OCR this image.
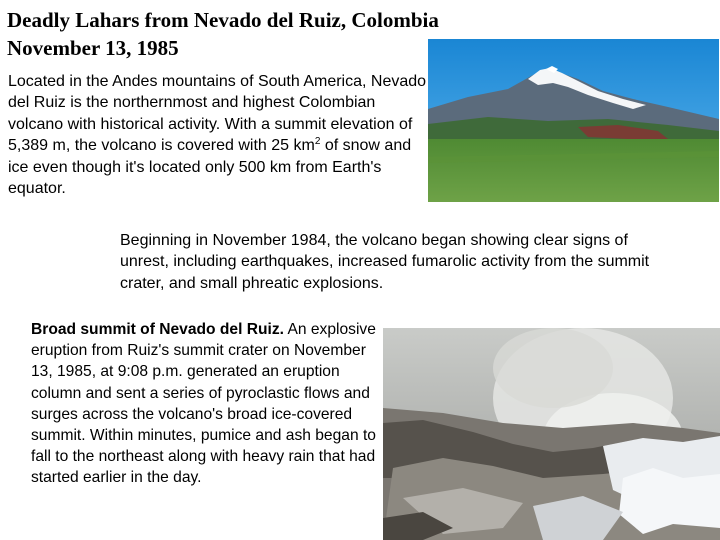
Deadly Lahars from Nevado del Ruiz, Colombia
November 13, 1985

Located in the Andes mountains of South America, Nevado del Ruiz is the northernmost and highest Colombian volcano with historical activity. With a summit elevation of 5,389 m, the volcano is covered with 25 $km^2$ of snow and ice even though it's located only 500 km from Earth's equator.

Beginning in November 1984, the volcano began showing clear signs of unrest, including earthquakes, increased fumarolic activity from the summit crater, and small phreatic explosions.

Broad summit of Nevado del Ruiz. An explosive eruption from Ruiz's summit crater on November 13, 1985, at 9:08 p.m. generated an eruption column and sent a series of pyroclastic flows and surges across the volcano's broad ice-covered summit. Within minutes, pumice and ash began to fall to the northeast along with heavy rain that had started earlier in the day.
